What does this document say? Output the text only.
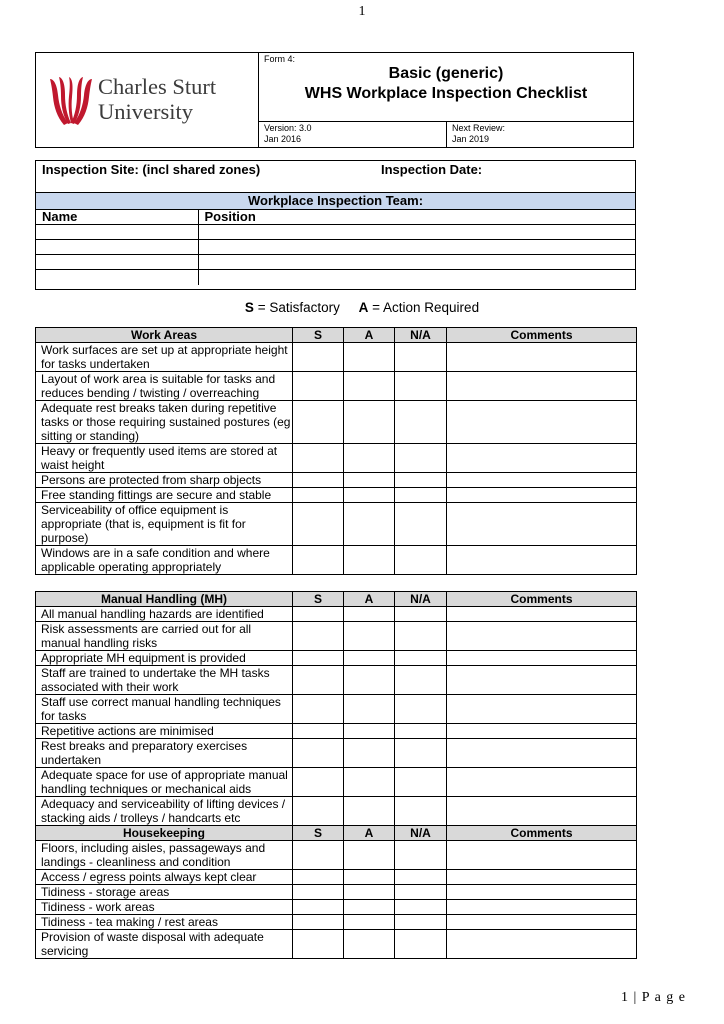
1
Charles Sturt
University
Form 4:
Basic (generic)
WHS Workplace Inspection Checklist
Version: 3.0
Jan 2016
Next Review:
Jan 2019
Inspection Site: (incl shared zones)	Inspection Date:
Workplace Inspection Team:
Name	Position

S = Satisfactory A = Action Required
Work Areas	S	A	N/A	Comments
Work surfaces are set up at appropriate height for tasks undertaken				
Layout of work area is suitable for tasks and reduces bending / twisting / overreaching				
Adequate rest breaks taken during repetitive tasks or those requiring sustained postures (eg sitting or standing)				
Heavy or frequently used items are stored at waist height				
Persons are protected from sharp objects				
Free standing fittings are secure and stable				
Serviceability of office equipment is appropriate (that is, equipment is fit for purpose)				
Windows are in a safe condition and where applicable operating appropriately				
Manual Handling (MH)	S	A	N/A	Comments
All manual handling hazards are identified				
Risk assessments are carried out for all manual handling risks				
Appropriate MH equipment is provided				
Staff are trained to undertake the MH tasks associated with their work				
Staff use correct manual handling techniques for tasks				
Repetitive actions are minimised				
Rest breaks and preparatory exercises undertaken				
Adequate space for use of appropriate manual handling techniques or mechanical aids				
Adequacy and serviceability of lifting devices / stacking aids / trolleys / handcarts etc				
Housekeeping	S	A	N/A	Comments
Floors, including aisles, passageways and landings - cleanliness and condition				
Access / egress points always kept clear				
Tidiness - storage areas				
Tidiness - work areas				
Tidiness - tea making / rest areas				
Provision of waste disposal with adequate servicing				
1 | P a g e
